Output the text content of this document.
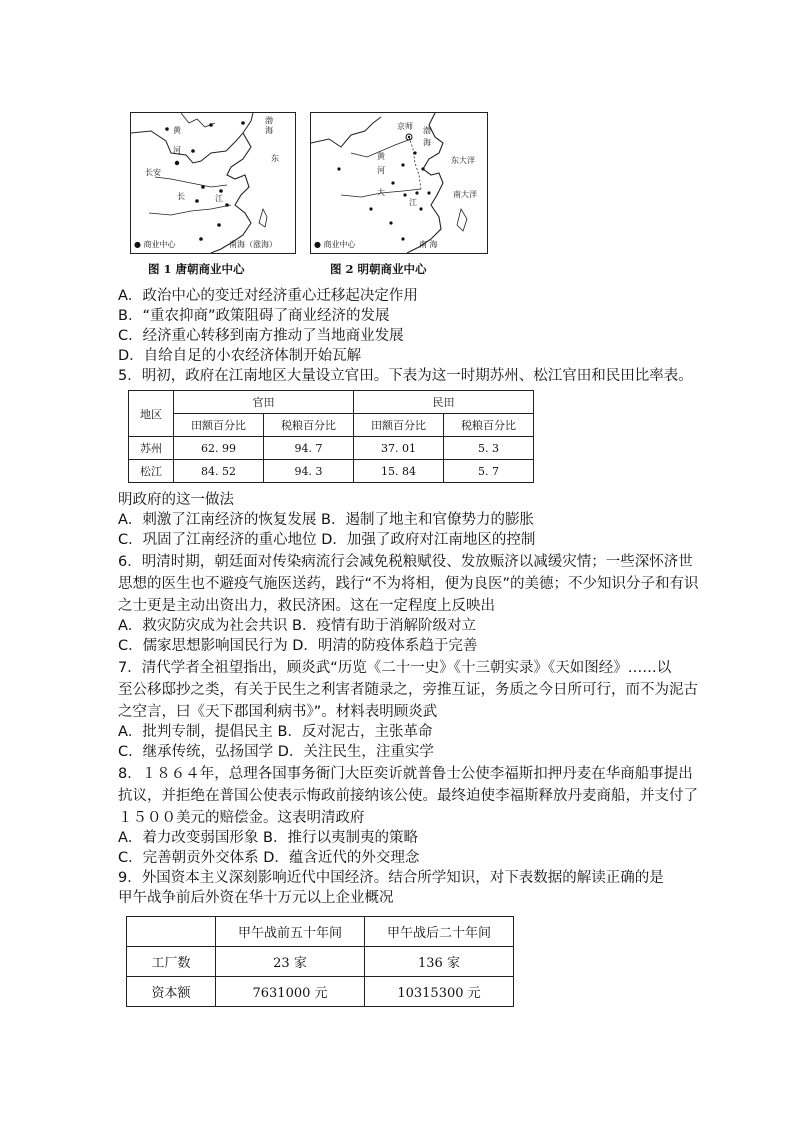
渤
海
黄
河
东
长安
长	江
南海（涨海）
● 商业中心
图 1 唐朝商业中心
京师 渤
海
黄
河
东大洋
大
江
南大洋
南 海
● 商业中心
图 2 明朝商业中心
A．政治中心的变迁对经济重心迁移起决定作用
B．“重农抑商”政策阻碍了商业经济的发展
C．经济重心转移到南方推动了当地商业发展
D．自给自足的小农经济体制开始瓦解
5．明初，政府在江南地区大量设立官田。下表为这一时期苏州、松江官田和民田比率表。
地区	官田		民田	
	田额百分比	税粮百分比	田额百分比	税粮百分比
苏州	62. 99	94. 7	37. 01	5. 3
松江	84. 52	94. 3	15. 84	5. 7
明政府的这一做法
A．刺激了江南经济的恢复发展 B．遏制了地主和官僚势力的膨胀
C．巩固了江南经济的重心地位 D．加强了政府对江南地区的控制
6．明清时期，朝廷面对传染病流行会减免税粮赋役、发放赈济以减缓灾情；一些深怀济世
思想的医生也不避疫气施医送药，践行“不为将相，便为良医”的美德；不少知识分子和有识
之士更是主动出资出力，救民济困。这在一定程度上反映出
A．救灾防灾成为社会共识 B．疫情有助于消解阶级对立
C．儒家思想影响国民行为 D．明清的防疫体系趋于完善
7．清代学者全祖望指出，顾炎武“历览《二十一史》《十三朝实录》《天如图经》……以
至公移邸抄之类，有关于民生之利害者随录之，旁推互证，务质之今日所可行，而不为泥古
之空言，曰《天下郡国利病书》”。材料表明顾炎武
A．批判专制，提倡民主 B．反对泥古，主张革命
C．继承传统，弘扬国学 D．关注民生，注重实学
8．１８６４年，总理各国事务衙门大臣奕䜣就普鲁士公使李福斯扣押丹麦在华商船事提出
抗议，并拒绝在普国公使表示悔政前接纳该公使。最终迫使李福斯释放丹麦商船，并支付了
１５００美元的赔偿金。这表明清政府
A．着力改变弱国形象 B．推行以夷制夷的策略
C．完善朝贡外交体系 D．蕴含近代的外交理念
9．外国资本主义深刻影响近代中国经济。结合所学知识，对下表数据的解读正确的是
甲午战争前后外资在华十万元以上企业概况
	甲午战前五十年间	甲午战后二十年间
工厂数	23 家	136 家
资本额	7631000 元	10315300 元
